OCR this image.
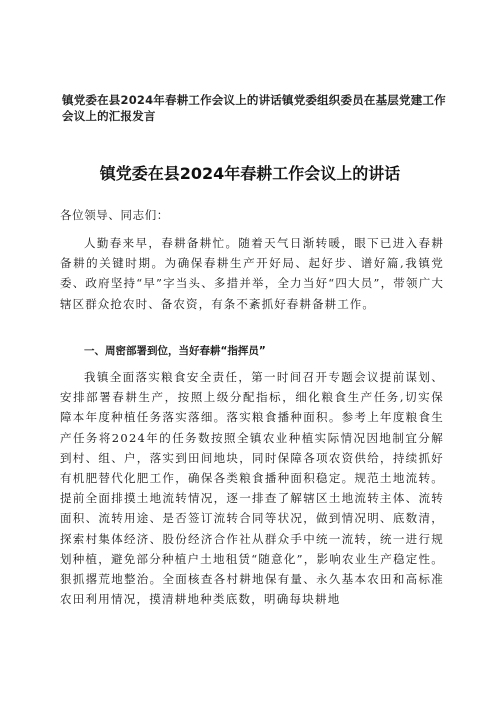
镇党委在县2024年春耕工作会议上的讲话镇党委组织委员在基层党建工作会议上的汇报发言
镇党委在县2024年春耕工作会议上的讲话
各位领导、同志们：

人勤春来早，春耕备耕忙。随着天气日渐转暖，眼下已进入春耕备耕的关键时期。为确保春耕生产开好局、起好步、谱好篇,我镇党委、政府坚持“早”字当头、多措并举，全力当好“四大员”，带领广大辖区群众抢农时、备农资，有条不紊抓好春耕备耕工作。

一、周密部署到位，当好春耕“指挥员”

我镇全面落实粮食安全责任，第一时间召开专题会议提前谋划、安排部署春耕生产，按照上级分配指标，细化粮食生产任务,切实保障本年度种植任务落实落细。落实粮食播种面积。参考上年度粮食生产任务将2024年的任务数按照全镇农业种植实际情况因地制宜分解到村、组、户，落实到田间地块，同时保障各项农资供给，持续抓好有机肥替代化肥工作，确保各类粮食播种面积稳定。规范土地流转。提前全面排摸土地流转情况，逐一排查了解辖区土地流转主体、流转面积、流转用途、是否签订流转合同等状况，做到情况明、底数清，探索村集体经济、股份经济合作社从群众手中统一流转，统一进行规划种植，避免部分种植户土地租赁“随意化”，影响农业生产稳定性。狠抓撂荒地整治。全面核查各村耕地保有量、永久基本农田和高标准农田利用情况，摸清耕地种类底数，明确每块耕地
